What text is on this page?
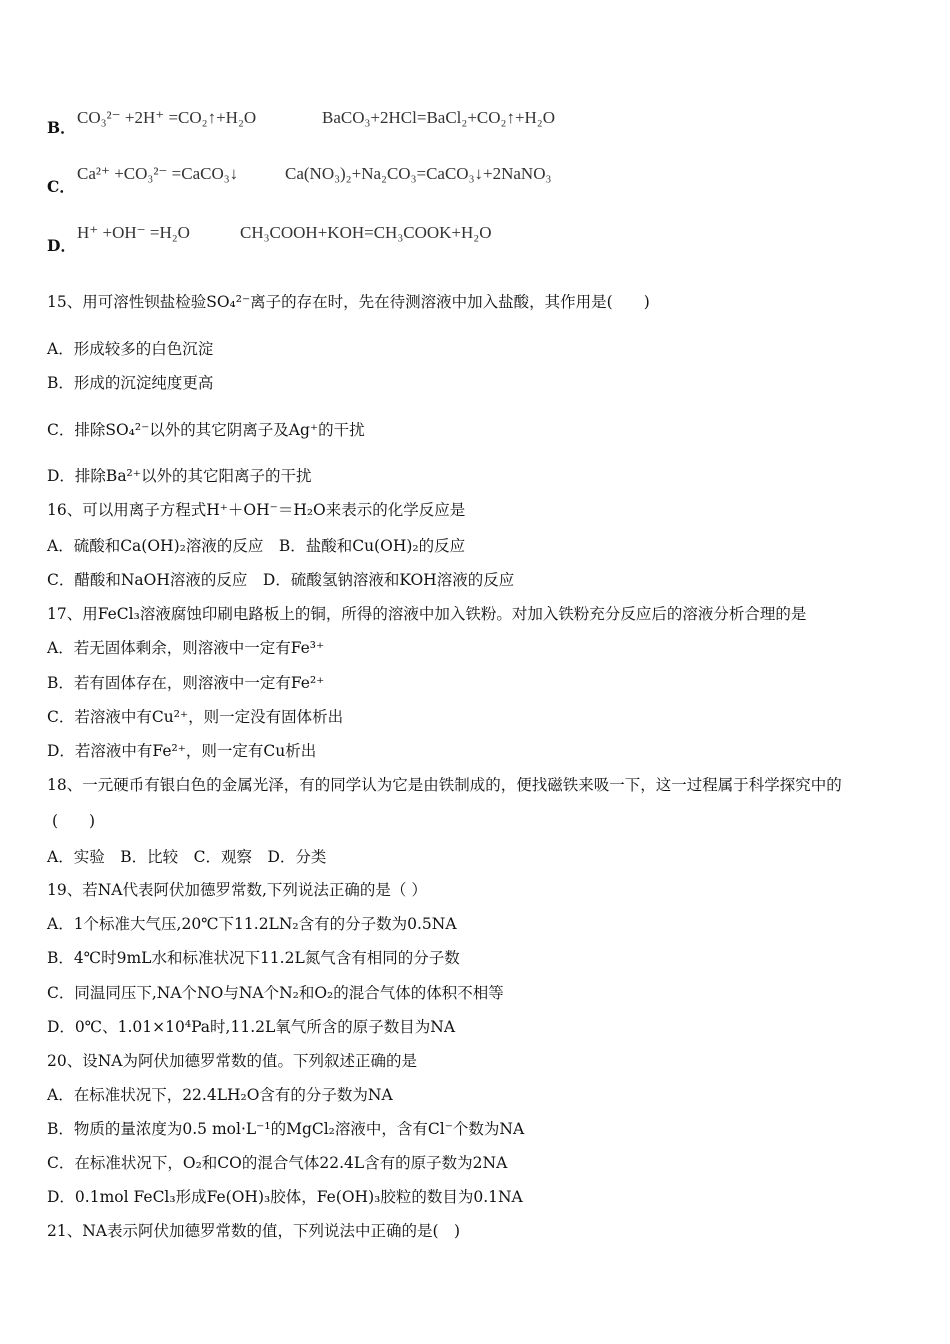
B．
CO₃²⁻ +2H⁺ =CO₂↑+H₂O	BaCO₃+2HCl=BaCl₂+CO₂↑+H₂O
C．
Ca²⁺ +CO₃²⁻ =CaCO₃↓	Ca(NO₃)₂+Na₂CO₃=CaCO₃↓+2NaNO₃
D．
H⁺ +OH⁻ =H₂O	CH₃COOH+KOH=CH₃COOK+H₂O
15、用可溶性钡盐检验SO₄²⁻离子的存在时，先在待测溶液中加入盐酸，其作用是(　　)
A．形成较多的白色沉淀
B．形成的沉淀纯度更高
C．排除SO₄²⁻以外的其它阴离子及Ag⁺的干扰
D．排除Ba²⁺以外的其它阳离子的干扰
16、可以用离子方程式H⁺＋OH⁻＝H₂O来表示的化学反应是
A．硫酸和Ca(OH)₂溶液的反应　B．盐酸和Cu(OH)₂的反应
C．醋酸和NaOH溶液的反应　D．硫酸氢钠溶液和KOH溶液的反应
17、用FeCl₃溶液腐蚀印刷电路板上的铜，所得的溶液中加入铁粉。对加入铁粉充分反应后的溶液分析合理的是
A．若无固体剩余，则溶液中一定有Fe³⁺
B．若有固体存在，则溶液中一定有Fe²⁺
C．若溶液中有Cu²⁺，则一定没有固体析出
D．若溶液中有Fe²⁺，则一定有Cu析出
18、一元硬币有银白色的金属光泽，有的同学认为它是由铁制成的，便找磁铁来吸一下，这一过程属于科学探究中的
(　　)
A．实验　B．比较　C．观察　D．分类
19、若NA代表阿伏加德罗常数,下列说法正确的是（ ）
A．1个标准大气压,20℃下11.2LN₂含有的分子数为0.5NA
B．4℃时9mL水和标准状况下11.2L氮气含有相同的分子数
C．同温同压下,NA个NO与NA个N₂和O₂的混合气体的体积不相等
D．0℃、1.01×10⁴Pa时,11.2L氧气所含的原子数目为NA
20、设NA为阿伏加德罗常数的值。下列叙述正确的是
A．在标准状况下，22.4LH₂O含有的分子数为NA
B．物质的量浓度为0.5 mol·L⁻¹的MgCl₂溶液中，含有Cl⁻个数为NA
C．在标准状况下，O₂和CO的混合气体22.4L含有的原子数为2NA
D．0.1mol FeCl₃形成Fe(OH)₃胶体，Fe(OH)₃胶粒的数目为0.1NA
21、NA表示阿伏加德罗常数的值，下列说法中正确的是(　)
